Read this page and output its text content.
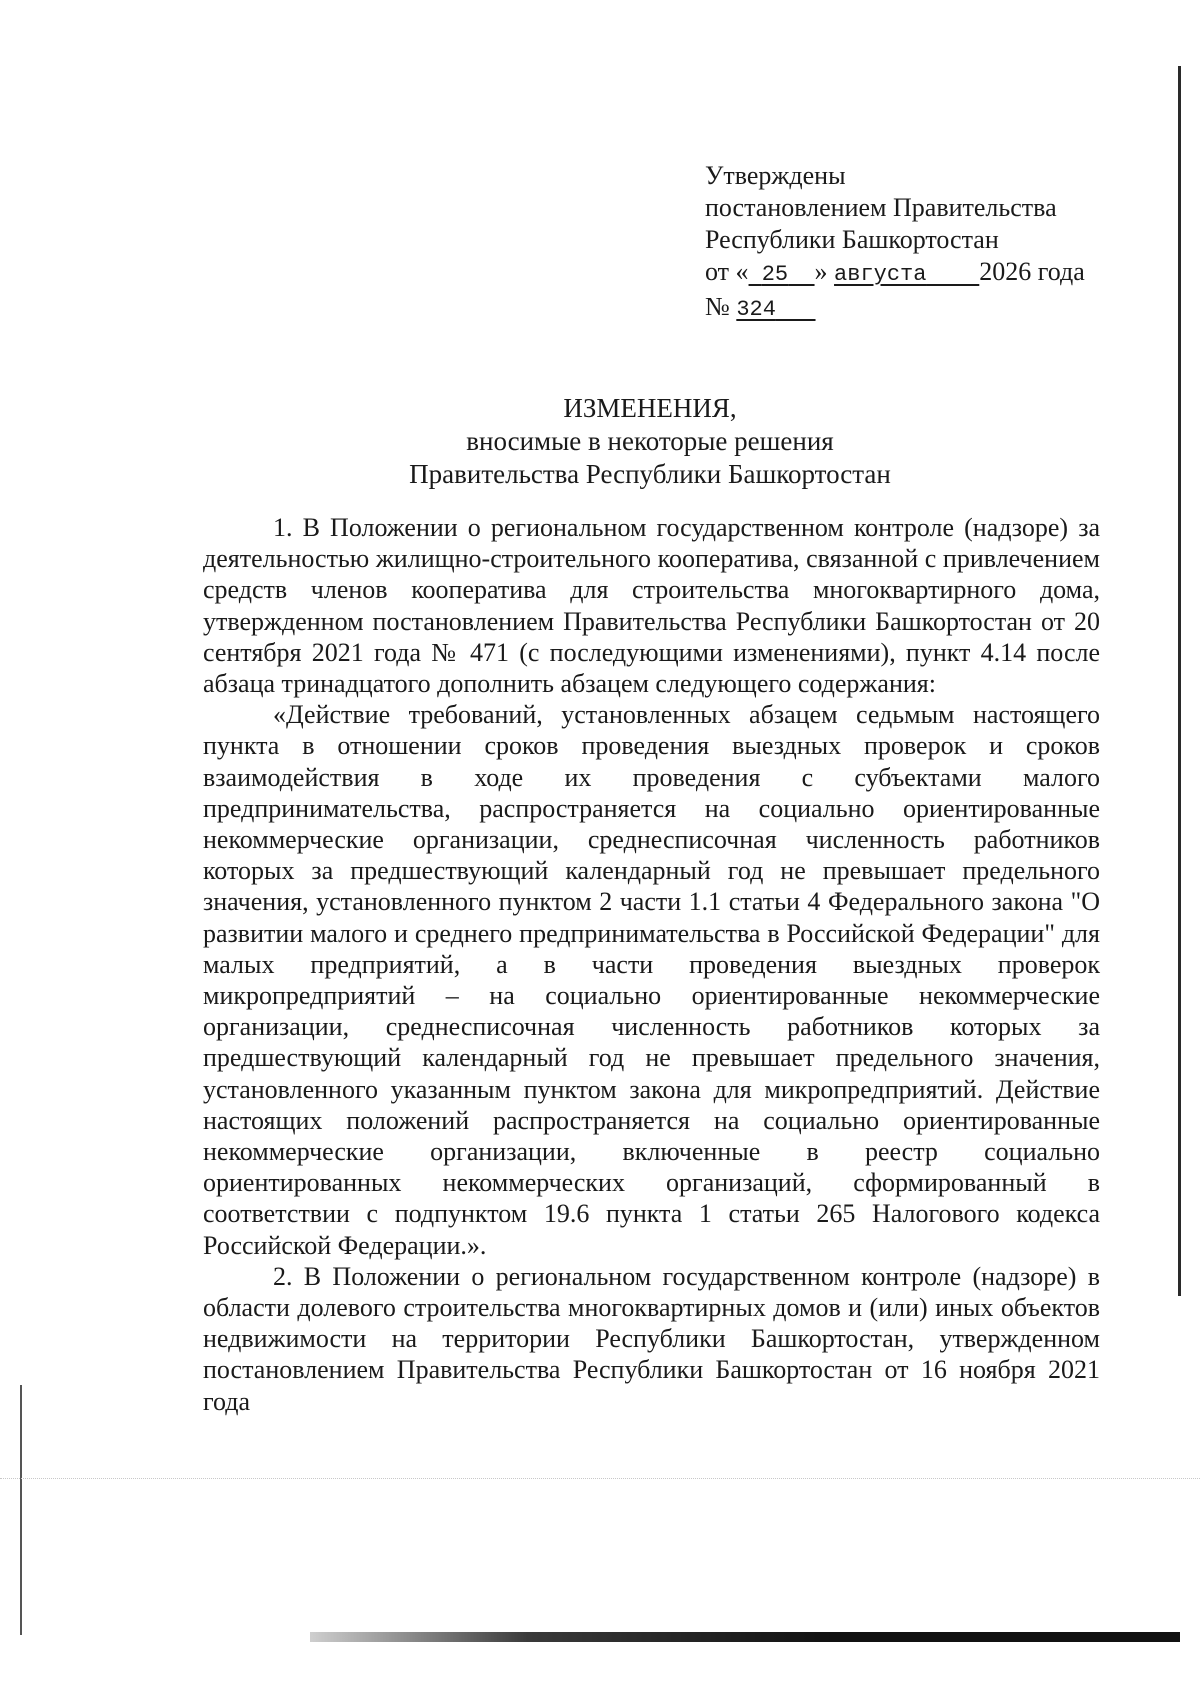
Утверждены
постановлением Правительства
Республики Башкортостан
от « 25 » августа 2026 года
№ 324
ИЗМЕНЕНИЯ,
вносимые в некоторые решения
Правительства Республики Башкортостан

1. В Положении о региональном государственном контроле (надзоре) за деятельностью жилищно-строительного кооператива, связанной с привлечением средств членов кооператива для строительства многоквартирного дома, утвержденном постановлением Правительства Республики Башкортостан от 20 сентября 2021 года № 471 (с последующими изменениями), пункт 4.14 после абзаца тринадцатого дополнить абзацем следующего содержания:

«Действие требований, установленных абзацем седьмым настоящего пункта в отношении сроков проведения выездных проверок и сроков взаимодействия в ходе их проведения с субъектами малого предпринимательства, распространяется на социально ориентированные некоммерческие организации, среднесписочная численность работников которых за предшествующий календарный год не превышает предельного значения, установленного пунктом 2 части 1.1 статьи 4 Федерального закона "О развитии малого и среднего предпринимательства в Российской Федерации" для малых предприятий, а в части проведения выездных проверок микропредприятий – на социально ориентированные некоммерческие организации, среднесписочная численность работников которых за предшествующий календарный год не превышает предельного значения, установленного указанным пунктом закона для микропредприятий. Действие настоящих положений распространяется на социально ориентированные некоммерческие организации, включенные в реестр социально ориентированных некоммерческих организаций, сформированный в соответствии с подпунктом 19.6 пункта 1 статьи 265 Налогового кодекса Российской Федерации.».

2. В Положении о региональном государственном контроле (надзоре) в области долевого строительства многоквартирных домов и (или) иных объектов недвижимости на территории Республики Башкортостан, утвержденном постановлением Правительства Республики Башкортостан от 16 ноября 2021 года
